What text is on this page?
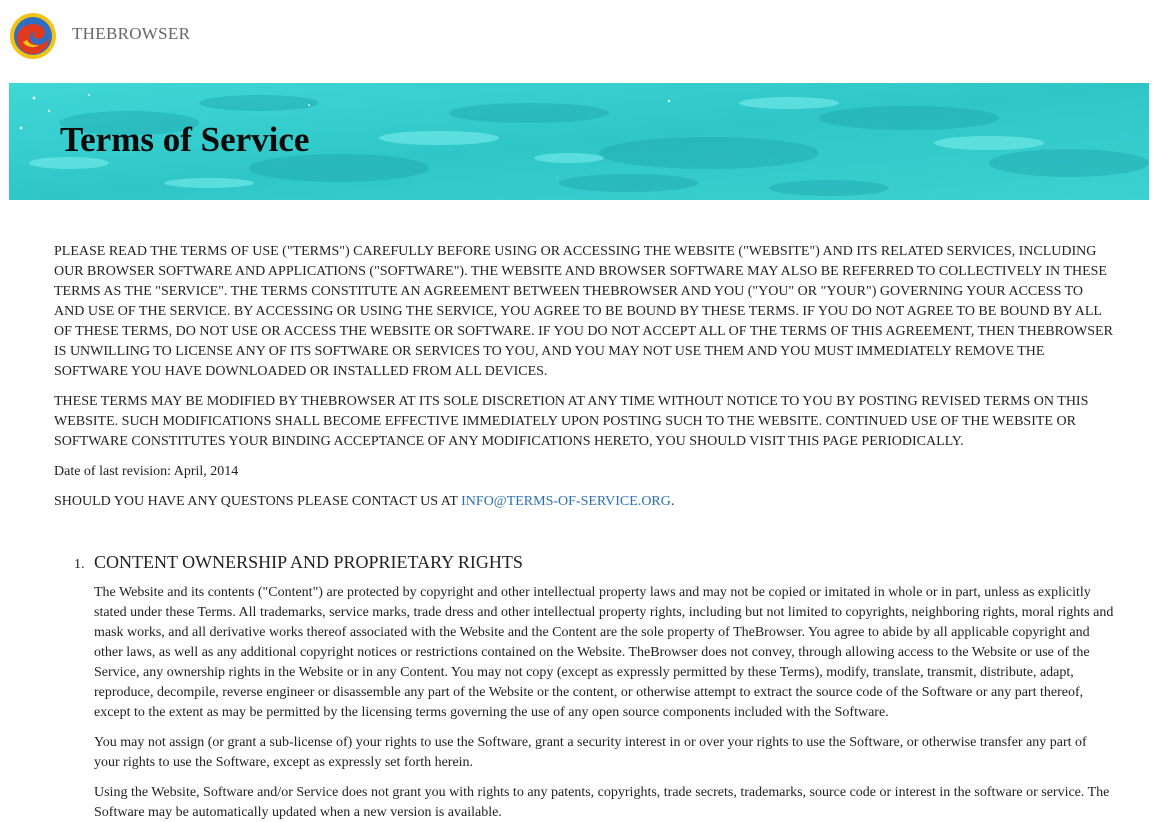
THEBROWSER
Terms of Service

PLEASE READ THE TERMS OF USE ("TERMS") CAREFULLY BEFORE USING OR ACCESSING THE WEBSITE ("WEBSITE") AND ITS RELATED SERVICES, INCLUDING OUR BROWSER SOFTWARE AND APPLICATIONS ("SOFTWARE"). THE WEBSITE AND BROWSER SOFTWARE MAY ALSO BE REFERRED TO COLLECTIVELY IN THESE TERMS AS THE "SERVICE". THE TERMS CONSTITUTE AN AGREEMENT BETWEEN THEBROWSER AND YOU ("YOU" OR "YOUR") GOVERNING YOUR ACCESS TO AND USE OF THE SERVICE. BY ACCESSING OR USING THE SERVICE, YOU AGREE TO BE BOUND BY THESE TERMS. IF YOU DO NOT AGREE TO BE BOUND BY ALL OF THESE TERMS, DO NOT USE OR ACCESS THE WEBSITE OR SOFTWARE. IF YOU DO NOT ACCEPT ALL OF THE TERMS OF THIS AGREEMENT, THEN THEBROWSER IS UNWILLING TO LICENSE ANY OF ITS SOFTWARE OR SERVICES TO YOU, AND YOU MAY NOT USE THEM AND YOU MUST IMMEDIATELY REMOVE THE SOFTWARE YOU HAVE DOWNLOADED OR INSTALLED FROM ALL DEVICES.

THESE TERMS MAY BE MODIFIED BY THEBROWSER AT ITS SOLE DISCRETION AT ANY TIME WITHOUT NOTICE TO YOU BY POSTING REVISED TERMS ON THIS WEBSITE. SUCH MODIFICATIONS SHALL BECOME EFFECTIVE IMMEDIATELY UPON POSTING SUCH TO THE WEBSITE. CONTINUED USE OF THE WEBSITE OR SOFTWARE CONSTITUTES YOUR BINDING ACCEPTANCE OF ANY MODIFICATIONS HERETO, YOU SHOULD VISIT THIS PAGE PERIODICALLY.

Date of last revision: April, 2014

SHOULD YOU HAVE ANY QUESTONS PLEASE CONTACT US AT INFO@TERMS-OF-SERVICE.ORG.

1. CONTENT OWNERSHIP AND PROPRIETARY RIGHTS

The Website and its contents ("Content") are protected by copyright and other intellectual property laws and may not be copied or imitated in whole or in part, unless as explicitly stated under these Terms. All trademarks, service marks, trade dress and other intellectual property rights, including but not limited to copyrights, neighboring rights, moral rights and mask works, and all derivative works thereof associated with the Website and the Content are the sole property of TheBrowser. You agree to abide by all applicable copyright and other laws, as well as any additional copyright notices or restrictions contained on the Website. TheBrowser does not convey, through allowing access to the Website or use of the Service, any ownership rights in the Website or in any Content. You may not copy (except as expressly permitted by these Terms), modify, translate, transmit, distribute, adapt, reproduce, decompile, reverse engineer or disassemble any part of the Website or the content, or otherwise attempt to extract the source code of the Software or any part thereof, except to the extent as may be permitted by the licensing terms governing the use of any open source components included with the Software.

You may not assign (or grant a sub-license of) your rights to use the Software, grant a security interest in or over your rights to use the Software, or otherwise transfer any part of your rights to use the Software, except as expressly set forth herein.

Using the Website, Software and/or Service does not grant you with rights to any patents, copyrights, trade secrets, trademarks, source code or interest in the software or service. The Software may be automatically updated when a new version is available.
